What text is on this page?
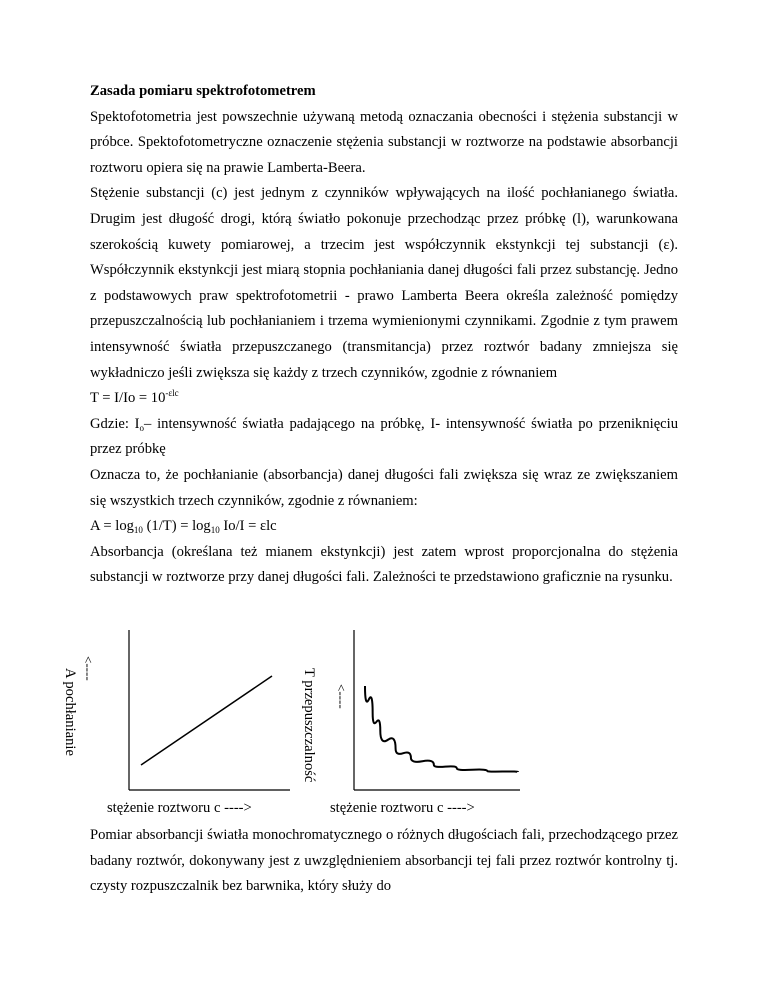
Zasada pomiaru spektrofotometrem

Spektofotometria jest powszechnie używaną metodą oznaczania obecności i stężenia substancji w próbce. Spektofotometryczne oznaczenie stężenia substancji w roztworze na podstawie absorbancji roztworu opiera się na prawie Lamberta-Beera.

Stężenie substancji (c) jest jednym z czynników wpływających na ilość pochłanianego światła. Drugim jest długość drogi, którą światło pokonuje przechodząc przez próbkę (l), warunkowana szerokością kuwety pomiarowej, a trzecim jest współczynnik ekstynkcji tej substancji (ε). Współczynnik ekstynkcji jest miarą stopnia pochłaniania danej długości fali przez substancję. Jedno z podstawowych praw spektrofotometrii - prawo Lamberta Beera określa zależność pomiędzy przepuszczalnością lub pochłanianiem i trzema wymienionymi czynnikami. Zgodnie z tym prawem intensywność światła przepuszczanego (transmitancja) przez roztwór badany zmniejsza się wykładniczo jeśli zwiększa się każdy z trzech czynników, zgodnie z równaniem

$T = I/Io = 10^{-\varepsilon lc}$

Gdzie: $I_o-$ intensywność światła padającego na próbkę, I- intensywność światła po przeniknięciu przez próbkę

Oznacza to, że pochłanianie (absorbancja) danej długości fali zwiększa się wraz ze zwiększaniem się wszystkich trzech czynników, zgodnie z równaniem:

$A = \log_{10} (1/T) = \log_{10} Io/I = \varepsilon lc$

Absorbancja (określana też mianem ekstynkcji) jest zatem wprost proporcjonalna do stężenia substancji w roztworze przy danej długości fali. Zależności te przedstawiono graficznie na rysunku.

A pochłanianie <----	T przepuszczalność <----
stężenie roztworu c ---->	stężenie roztworu c ---->

Pomiar absorbancji światła monochromatycznego o różnych długościach fali, przechodzącego przez badany roztwór, dokonywany jest z uwzględnieniem absorbancji tej fali przez roztwór kontrolny tj. czysty rozpuszczalnik bez barwnika, który służy do
